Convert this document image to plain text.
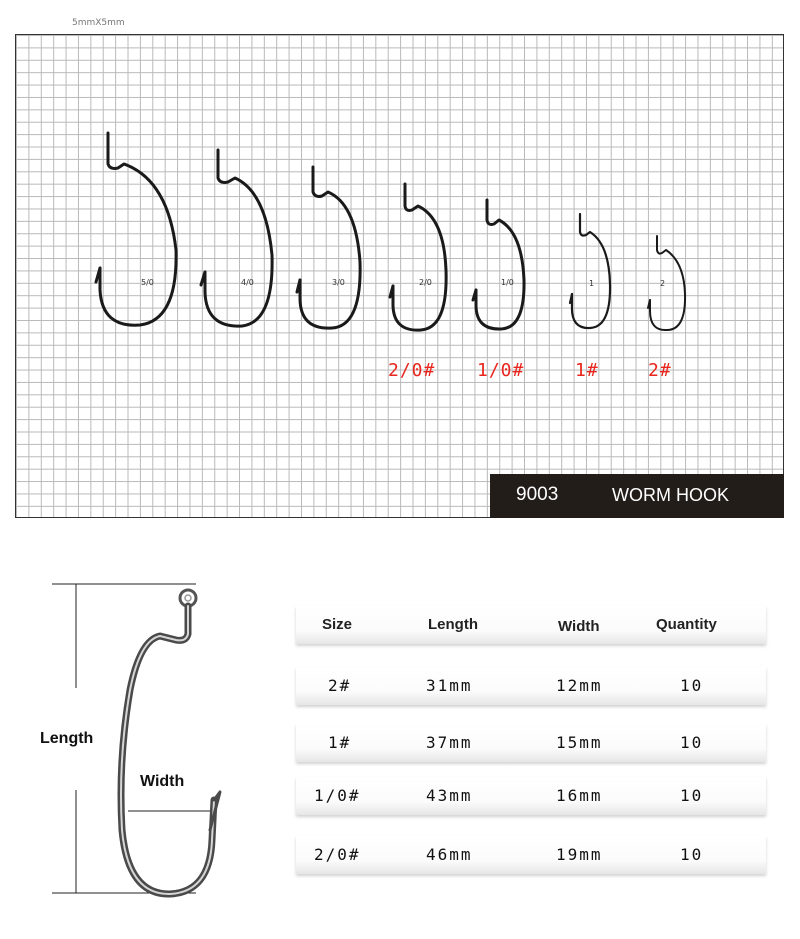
5mmX5mm
5/0	4/0	3/0	2/0	1/0	1	2
2/0# 1/0#	1#	2#
9003	WORM HOOK
Length
Width
Size	Length	Width	Quantity
2#	31mm	12mm	10
1#	37mm	15mm	10
1/0#	43mm	16mm	10
2/0#	46mm	19mm	10
